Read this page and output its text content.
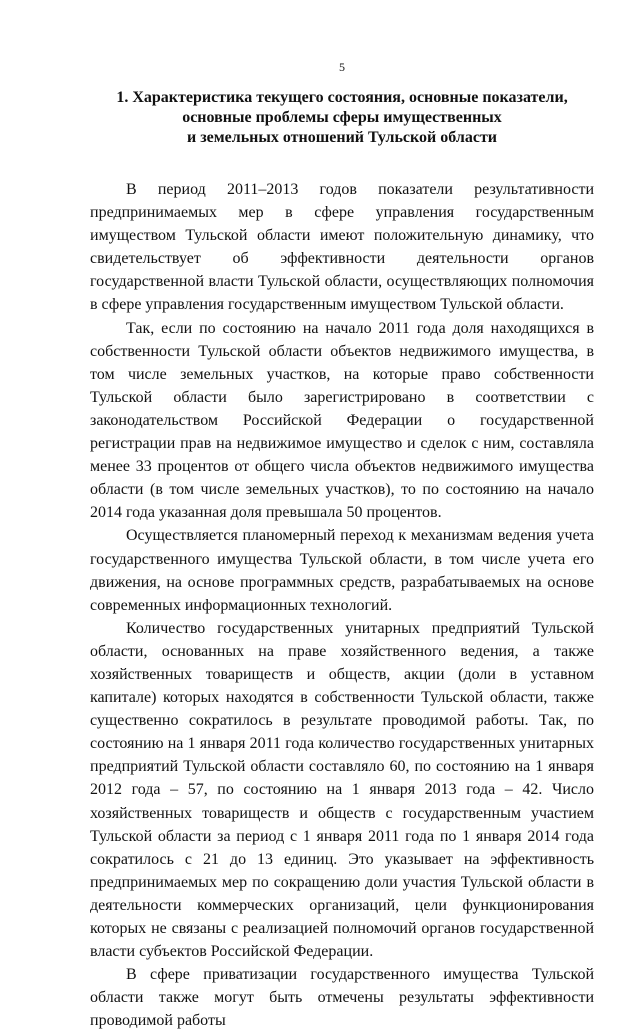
5
1. Характеристика текущего состояния, основные показатели,
основные проблемы сферы имущественных
и земельных отношений Тульской области

В период 2011–2013 годов показатели результативности предпринимаемых мер в сфере управления государственным имуществом Тульской области имеют положительную динамику, что свидетельствует об эффективности деятельности органов государственной власти Тульской области, осуществляющих полномочия в сфере управления государственным имуществом Тульской области.

Так, если по состоянию на начало 2011 года доля находящихся в собственности Тульской области объектов недвижимого имущества, в том числе земельных участков, на которые право собственности Тульской области было зарегистрировано в соответствии с законодательством Российской Федерации о государственной регистрации прав на недвижимое имущество и сделок с ним, составляла менее 33 процентов от общего числа объектов недвижимого имущества области (в том числе земельных участков), то по состоянию на начало 2014 года указанная доля превышала 50 процентов.

Осуществляется планомерный переход к механизмам ведения учета государственного имущества Тульской области, в том числе учета его движения, на основе программных средств, разрабатываемых на основе современных информационных технологий.

Количество государственных унитарных предприятий Тульской области, основанных на праве хозяйственного ведения, а также хозяйственных товариществ и обществ, акции (доли в уставном капитале) которых находятся в собственности Тульской области, также существенно сократилось в результате проводимой работы. Так, по состоянию на 1 января 2011 года количество государственных унитарных предприятий Тульской области составляло 60, по состоянию на 1 января 2012 года – 57, по состоянию на 1 января 2013 года – 42. Число хозяйственных товариществ и обществ с государственным участием Тульской области за период с 1 января 2011 года по 1 января 2014 года сократилось с 21 до 13 единиц. Это указывает на эффективность предпринимаемых мер по сокращению доли участия Тульской области в деятельности коммерческих организаций, цели функционирования которых не связаны с реализацией полномочий органов государственной власти субъектов Российской Федерации.

В сфере приватизации государственного имущества Тульской области также могут быть отмечены результаты эффективности проводимой работы
